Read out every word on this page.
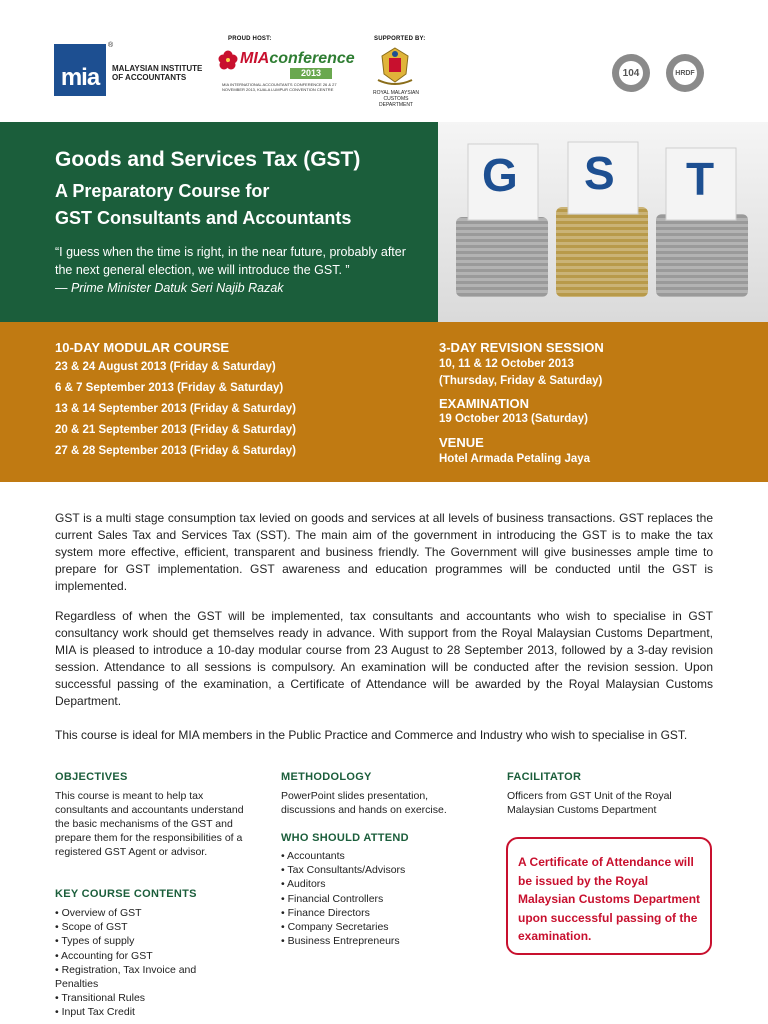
mia
®
MALAYSIAN INSTITUTE OF ACCOUNTANTS
PROUD HOST:
MIAconference
2013
MIA INTERNATIONAL ACCOUNTANTS CONFERENCE 26 & 27 NOVEMBER 2013, KUALA LUMPUR CONVENTION CENTRE
SUPPORTED BY:
ROYAL MALAYSIAN CUSTOMS DEPARTMENT
104	HRDF
Goods and Services Tax (GST)
A Preparatory Course for
GST Consultants and Accountants
“I guess when the time is right, in the near future, probably after the next general election, we will introduce the GST. ”
— Prime Minister Datuk Seri Najib Razak
G S T
10-DAY MODULAR COURSE
23 & 24 August 2013 (Friday & Saturday)
6 & 7 September 2013 (Friday & Saturday)
13 & 14 September 2013 (Friday & Saturday)
20 & 21 September 2013 (Friday & Saturday)
27 & 28 September 2013 (Friday & Saturday)
3-DAY REVISION SESSION
10, 11 & 12 October 2013
(Thursday, Friday & Saturday)
EXAMINATION
19 October 2013 (Saturday)
VENUE
Hotel Armada Petaling Jaya
GST is a multi stage consumption tax levied on goods and services at all levels of business transactions. GST replaces the current Sales Tax and Services Tax (SST). The main aim of the government in introducing the GST is to make the tax system more effective, efficient, transparent and business friendly. The Government will give businesses ample time to prepare for GST implementation. GST awareness and education programmes will be conducted until the GST is implemented.
Regardless of when the GST will be implemented, tax consultants and accountants who wish to specialise in GST consultancy work should get themselves ready in advance. With support from the Royal Malaysian Customs Department, MIA is pleased to introduce a 10-day modular course from 23 August to 28 September 2013, followed by a 3-day revision session. Attendance to all sessions is compulsory. An examination will be conducted after the revision session. Upon successful passing of the examination, a Certificate of Attendance will be awarded by the Royal Malaysian Customs Department.
This course is ideal for MIA members in the Public Practice and Commerce and Industry who wish to specialise in GST.
OBJECTIVES
This course is meant to help tax consultants and accountants understand the basic mechanisms of the GST and prepare them for the responsibilities of a registered GST Agent or advisor.
KEY COURSE CONTENTS
• Overview of GST
• Scope of GST
• Types of supply
• Accounting for GST
• Registration, Tax Invoice and Penalties
• Transitional Rules
• Input Tax Credit
METHODOLOGY
PowerPoint slides presentation, discussions and hands on exercise.
WHO SHOULD ATTEND
• Accountants
• Tax Consultants/Advisors
• Auditors
• Financial Controllers
• Finance Directors
• Company Secretaries
• Business Entrepreneurs
FACILITATOR
Officers from GST Unit of the Royal Malaysian Customs Department
A Certificate of Attendance will be issued by the Royal Malaysian Customs Department upon successful passing of the examination.
